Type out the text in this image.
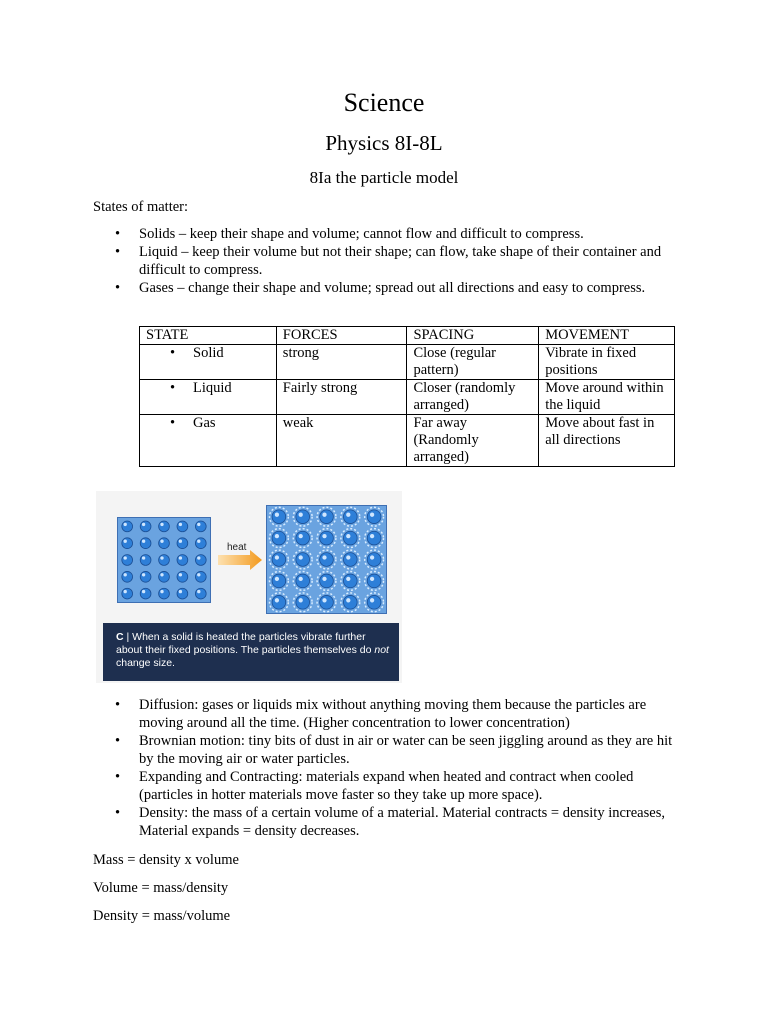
Science
Physics 8I-8L
8Ia the particle model
States of matter:
• Solids – keep their shape and volume; cannot flow and difficult to compress.
• Liquid – keep their volume but not their shape; can flow, take shape of their container and difficult to compress.
• Gases – change their shape and volume; spread out all directions and easy to compress.
STATE	FORCES	SPACING	MOVEMENT

• Solid	strong	Close (regular pattern)	Vibrate in fixed positions

• Liquid	Fairly strong	Closer (randomly arranged)	Move around within the liquid

• Gas	weak	Far away (Randomly arranged)	Move about fast in all directions
heat
C | When a solid is heated the particles vibrate further about their fixed positions. The particles themselves do not change size.
• Diffusion: gases or liquids mix without anything moving them because the particles are moving around all the time. (Higher concentration to lower concentration)
• Brownian motion: tiny bits of dust in air or water can be seen jiggling around as they are hit by the moving air or water particles.
• Expanding and Contracting: materials expand when heated and contract when cooled (particles in hotter materials move faster so they take up more space).
• Density: the mass of a certain volume of a material. Material contracts = density increases, Material expands = density decreases.
Mass = density x volume
Volume = mass/density
Density = mass/volume
